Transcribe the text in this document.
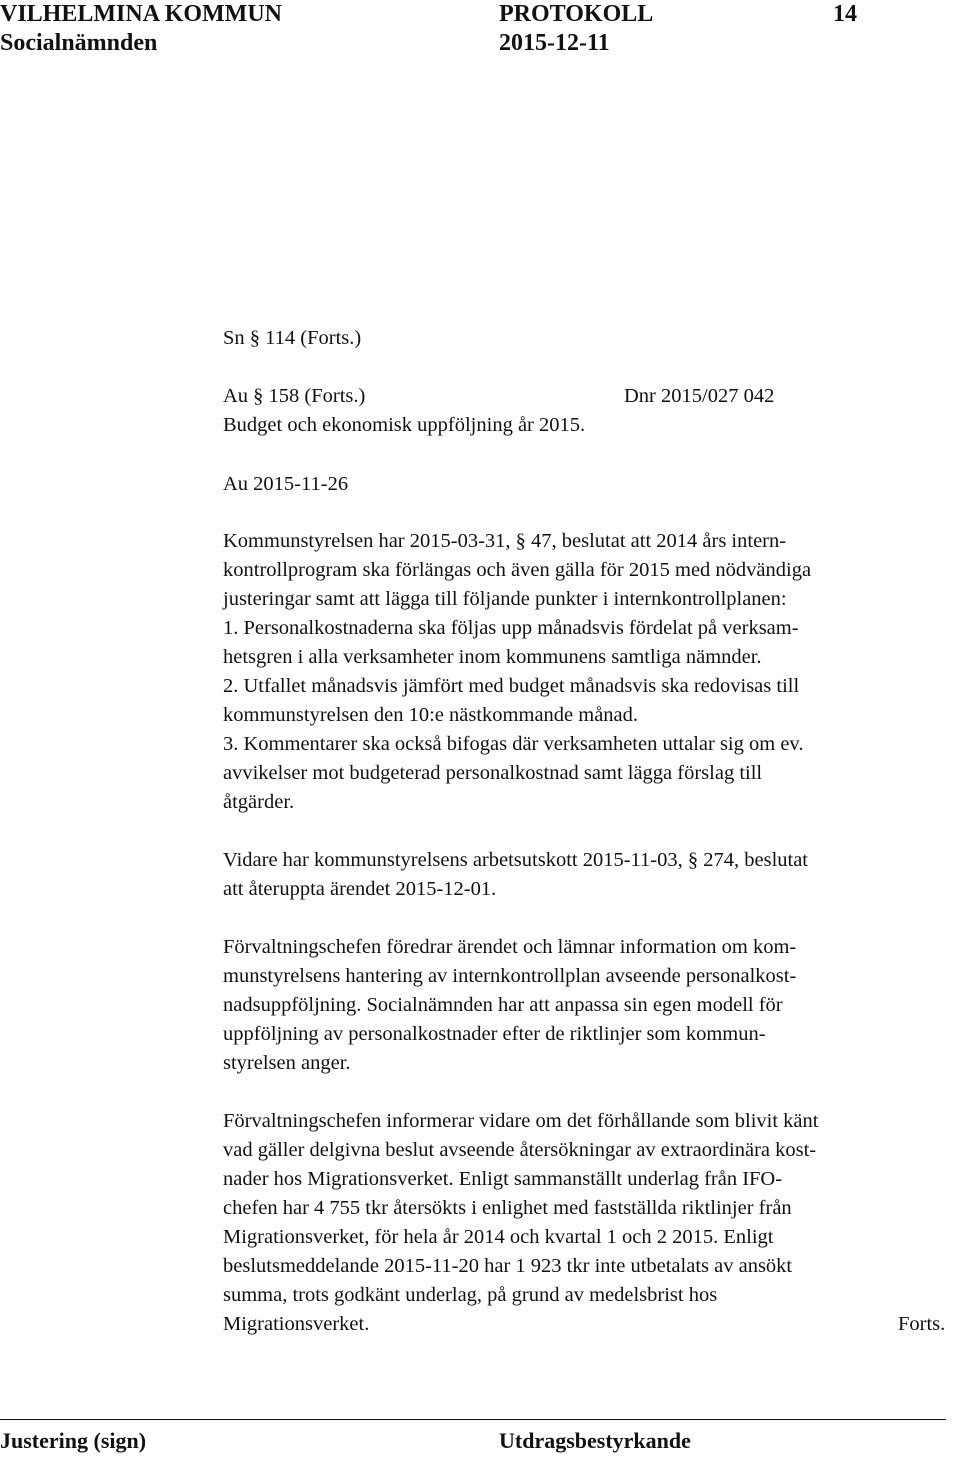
VILHELMINA KOMMUN	PROTOKOLL	14
Socialnämnden	2015-12-11
Sn § 114 (Forts.)
Au § 158 (Forts.)	Dnr 2015/027 042
Budget och ekonomisk uppföljning år 2015.
Au 2015-11-26
Kommunstyrelsen har 2015-03-31, § 47, beslutat att 2014 års intern-
kontrollprogram ska förlängas och även gälla för 2015 med nödvändiga
justeringar samt att lägga till följande punkter i internkontrollplanen:
1. Personalkostnaderna ska följas upp månadsvis fördelat på verksam-
hetsgren i alla verksamheter inom kommunens samtliga nämnder.
2. Utfallet månadsvis jämfört med budget månadsvis ska redovisas till
kommunstyrelsen den 10:e nästkommande månad.
3. Kommentarer ska också bifogas där verksamheten uttalar sig om ev.
avvikelser mot budgeterad personalkostnad samt lägga förslag till
åtgärder.
Vidare har kommunstyrelsens arbetsutskott 2015-11-03, § 274, beslutat
att återuppta ärendet 2015-12-01.
Förvaltningschefen föredrar ärendet och lämnar information om kom-
munstyrelsens hantering av internkontrollplan avseende personalkost-
nadsuppföljning. Socialnämnden har att anpassa sin egen modell för
uppföljning av personalkostnader efter de riktlinjer som kommun-
styrelsen anger.
Förvaltningschefen informerar vidare om det förhållande som blivit känt
vad gäller delgivna beslut avseende återsökningar av extraordinära kost-
nader hos Migrationsverket. Enligt sammanställt underlag från IFO-
chefen har 4 755 tkr återsökts i enlighet med fastställda riktlinjer från
Migrationsverket, för hela år 2014 och kvartal 1 och 2 2015. Enligt
beslutsmeddelande 2015-11-20 har 1 923 tkr inte utbetalats av ansökt
summa, trots godkänt underlag, på grund av medelsbrist hos
Migrationsverket.	Forts.
Justering (sign)	Utdragsbestyrkande
